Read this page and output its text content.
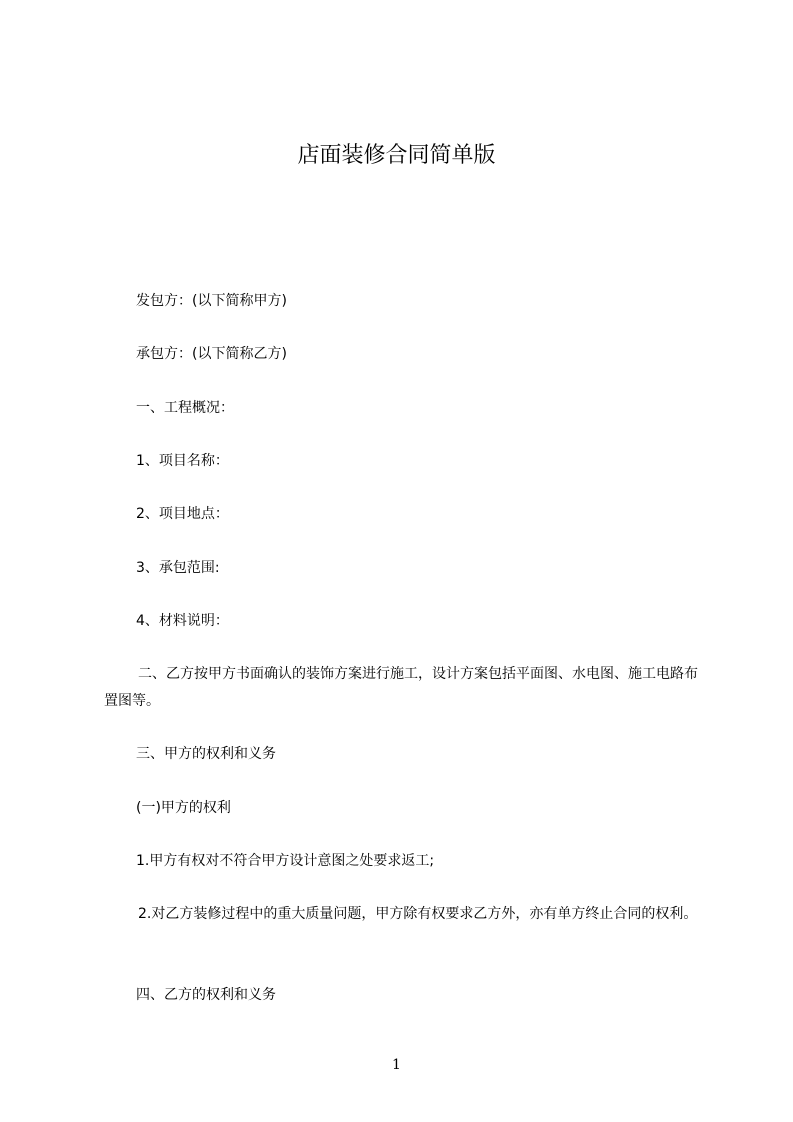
店面装修合同简单版

发包方：(以下简称甲方)

承包方：(以下简称乙方)

一、工程概况：

1、项目名称：

2、项目地点：

3、承包范围:

4、材料说明：

二、乙方按甲方书面确认的装饰方案进行施工，设计方案包括平面图、水电图、施工电路布置图等。

三、甲方的权利和义务

(一)甲方的权利

1.甲方有权对不符合甲方设计意图之处要求返工;

2.对乙方装修过程中的重大质量问题，甲方除有权要求乙方外，亦有单方终止合同的权利。

四、乙方的权利和义务

1
